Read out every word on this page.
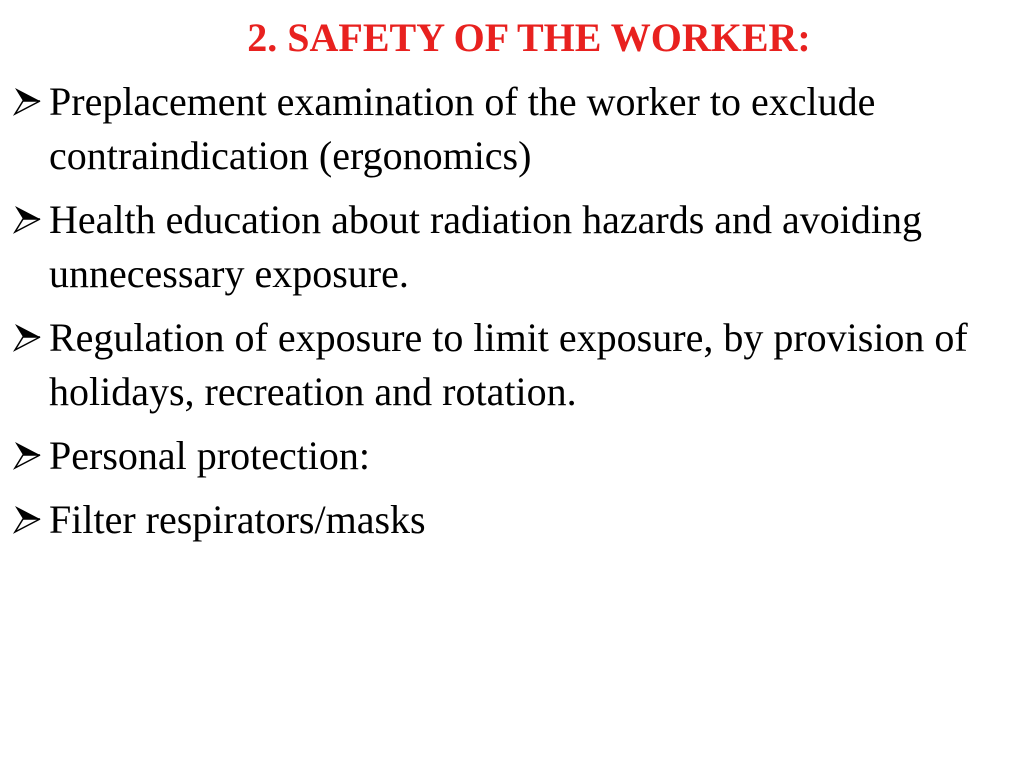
2. SAFETY OF THE WORKER:
Preplacement examination of the worker to exclude contraindication (ergonomics)
Health education about radiation hazards and avoiding unnecessary exposure.
Regulation of exposure to limit exposure, by provision of holidays, recreation and rotation.
Personal protection:
Filter respirators/masks
